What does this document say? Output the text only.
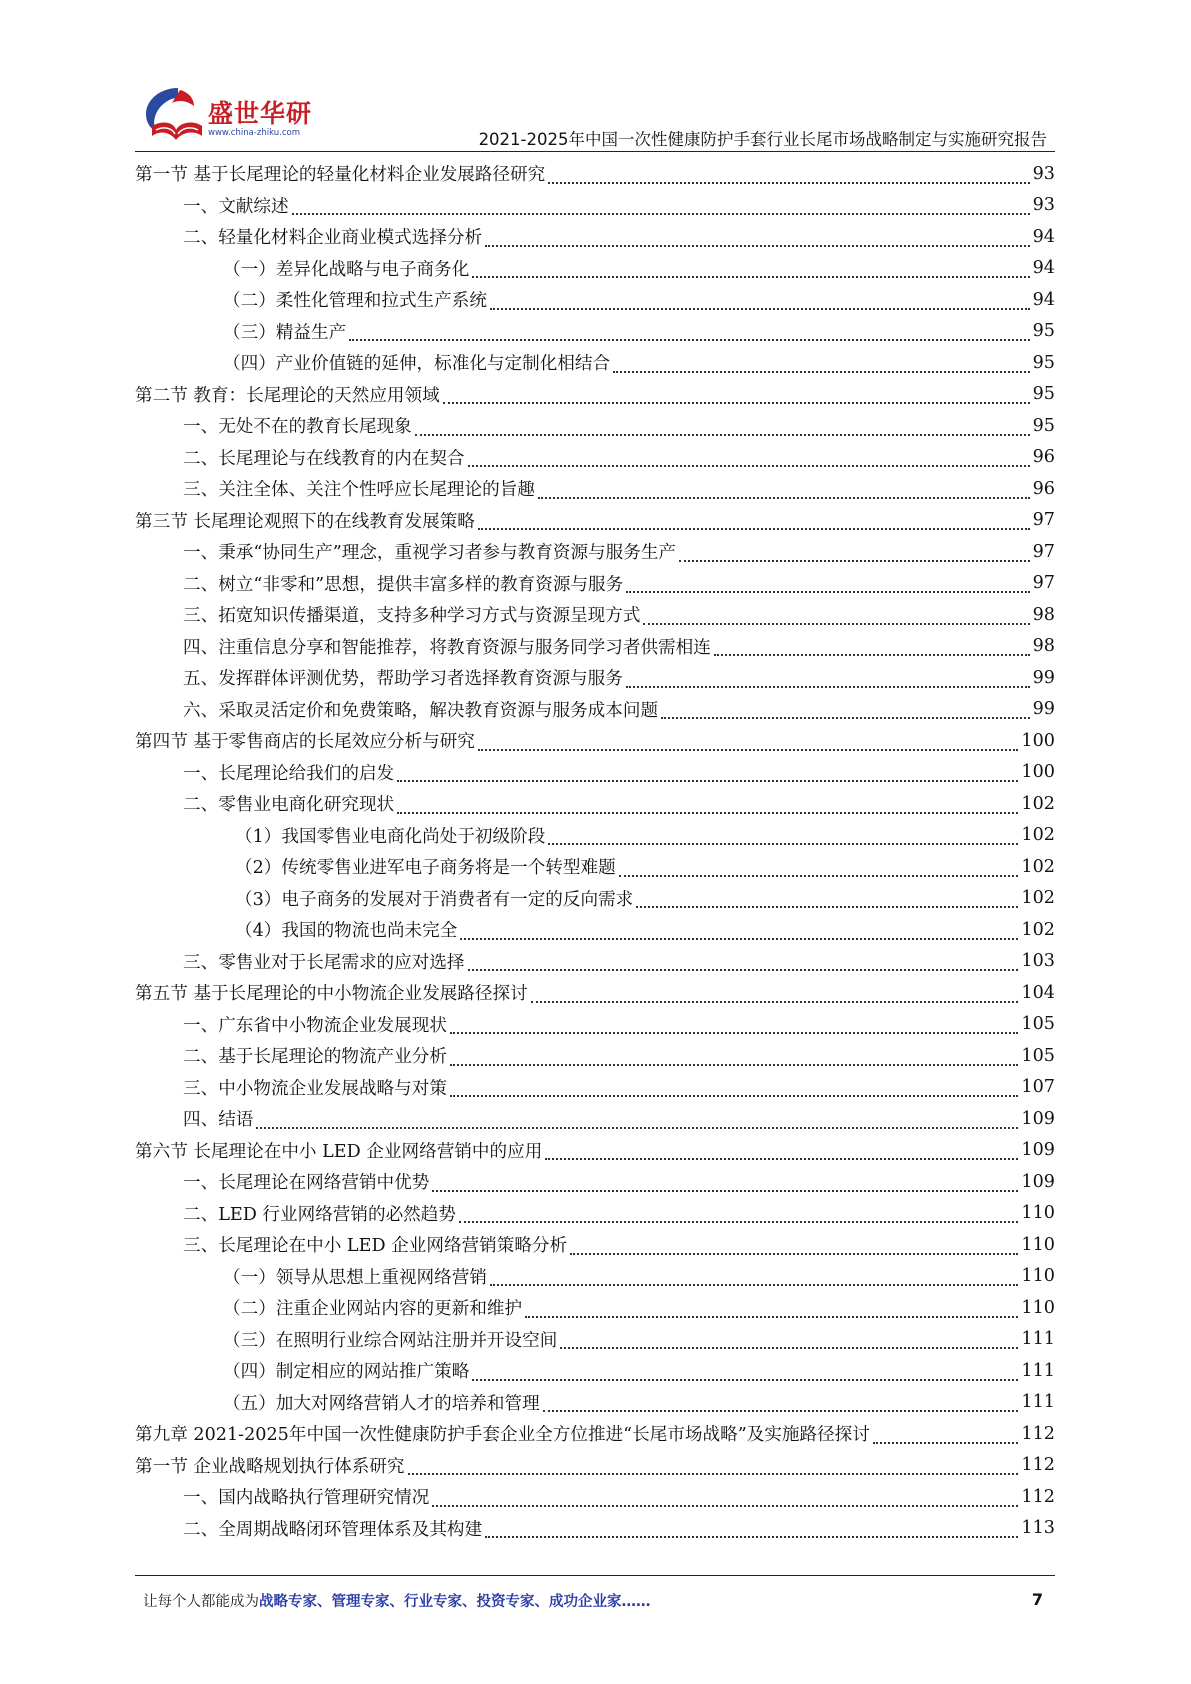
盛世华研
www.china-zhiku.com	2021-2025年中国一次性健康防护手套行业长尾市场战略制定与实施研究报告
第一节 基于长尾理论的轻量化材料企业发展路径研究	93
一、文献综述	93
二、轻量化材料企业商业模式选择分析	94
（一）差异化战略与电子商务化	94
（二）柔性化管理和拉式生产系统	94
（三）精益生产	95
（四）产业价值链的延伸，标准化与定制化相结合	95
第二节 教育：长尾理论的天然应用领域	95
一、无处不在的教育长尾现象	95
二、长尾理论与在线教育的内在契合	96
三、关注全体、关注个性呼应长尾理论的旨趣	96
第三节 长尾理论观照下的在线教育发展策略	97
一、秉承“协同生产”理念，重视学习者参与教育资源与服务生产	97
二、树立“非零和”思想，提供丰富多样的教育资源与服务	97
三、拓宽知识传播渠道，支持多种学习方式与资源呈现方式	98
四、注重信息分享和智能推荐，将教育资源与服务同学习者供需相连	98
五、发挥群体评测优势，帮助学习者选择教育资源与服务	99
六、采取灵活定价和免费策略，解决教育资源与服务成本问题	99
第四节 基于零售商店的长尾效应分析与研究	100
一、长尾理论给我们的启发	100
二、零售业电商化研究现状	102
（1）我国零售业电商化尚处于初级阶段	102
（2）传统零售业进军电子商务将是一个转型难题	102
（3）电子商务的发展对于消费者有一定的反向需求	102
（4）我国的物流也尚未完全	102
三、零售业对于长尾需求的应对选择	103
第五节 基于长尾理论的中小物流企业发展路径探讨	104
一、广东省中小物流企业发展现状	105
二、基于长尾理论的物流产业分析	105
三、中小物流企业发展战略与对策	107
四、结语	109
第六节 长尾理论在中小 LED 企业网络营销中的应用	109
一、长尾理论在网络营销中优势	109
二、LED 行业网络营销的必然趋势	110
三、长尾理论在中小 LED 企业网络营销策略分析	110
（一）领导从思想上重视网络营销	110
（二）注重企业网站内容的更新和维护	110
（三）在照明行业综合网站注册并开设空间	111
（四）制定相应的网站推广策略	111
（五）加大对网络营销人才的培养和管理	111
第九章 2021-2025年中国一次性健康防护手套企业全方位推进“长尾市场战略”及实施路径探讨	112
第一节 企业战略规划执行体系研究	112
一、国内战略执行管理研究情况	112
二、全周期战略闭环管理体系及其构建	113
让每个人都能成为战略专家、管理专家、行业专家、投资专家、成功企业家……	7
